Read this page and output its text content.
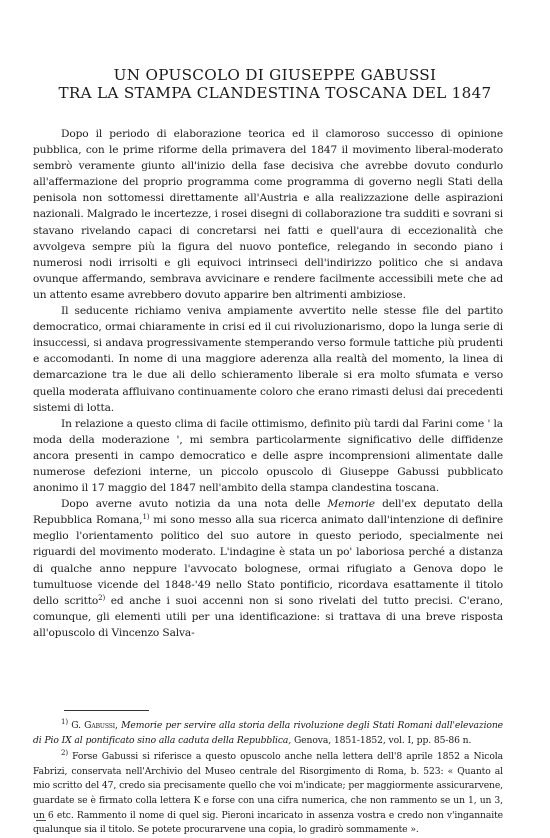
UN OPUSCOLO DI GIUSEPPE GABUSSI
TRA LA STAMPA CLANDESTINA TOSCANA DEL 1847

Dopo il periodo di elaborazione teorica ed il clamoroso successo di opinione pubblica, con le prime riforme della primavera del 1847 il movimento liberal-moderato sembrò veramente giunto all'inizio della fase decisiva che avrebbe dovuto condurlo all'affermazione del proprio programma come programma di governo negli Stati della penisola non sottomessi direttamente all'Austria e alla realizzazione delle aspirazioni nazionali. Malgrado le incertezze, i rosei disegni di collaborazione tra sudditi e sovrani si stavano rivelando capaci di concretarsi nei fatti e quell'aura di eccezionalità che avvolgeva sempre più la figura del nuovo pontefice, relegando in secondo piano i numerosi nodi irrisolti e gli equivoci intrinseci dell'indirizzo politico che si andava ovunque affermando, sembrava avvicinare e rendere facilmente accessibili mete che ad un attento esame avrebbero dovuto apparire ben altrimenti ambiziose.

Il seducente richiamo veniva ampiamente avvertito nelle stesse file del partito democratico, ormai chiaramente in crisi ed il cui rivoluzionarismo, dopo la lunga serie di insuccessi, si andava progressivamente stemperando verso formule tattiche più prudenti e accomodanti. In nome di una maggiore aderenza alla realtà del momento, la linea di demarcazione tra le due ali dello schieramento liberale si era molto sfumata e verso quella moderata affluivano continuamente coloro che erano rimasti delusi dai precedenti sistemi di lotta.

In relazione a questo clima di facile ottimismo, definito più tardi dal Farini come ' la moda della moderazione ', mi sembra particolarmente significativo delle diffidenze ancora presenti in campo democratico e delle aspre incomprensioni alimentate dalle numerose defezioni interne, un piccolo opuscolo di Giuseppe Gabussi pubblicato anonimo il 17 maggio del 1847 nell'ambito della stampa clandestina toscana.

Dopo averne avuto notizia da una nota delle Memorie dell'ex deputato della Repubblica Romana,$^{1)}$ mi sono messo alla sua ricerca animato dall'intenzione di definire meglio l'orientamento politico del suo autore in questo periodo, specialmente nei riguardi del movimento moderato. L'indagine è stata un po' laboriosa perché a distanza di qualche anno neppure l'avvocato bolognese, ormai rifugiato a Genova dopo le tumultuose vicende del 1848-'49 nello Stato pontificio, ricordava esattamente il titolo dello scritto$^{2)}$ ed anche i suoi accenni non si sono rivelati del tutto precisi. C'erano, comunque, gli elementi utili per una identificazione: si trattava di una breve risposta all'opuscolo di Vincenzo Salva-

$^{1)}$ G. Gabussi, Memorie per servire alla storia della rivoluzione degli Stati Romani dall'elevazione di Pio IX al pontificato sino alla caduta della Repubblica, Genova, 1851-1852, vol. I, pp. 85-86 n.

$^{2)}$ Forse Gabussi si riferisce a questo opuscolo anche nella lettera dell'8 aprile 1852 a Nicola Fabrizi, conservata nell'Archivio del Museo centrale del Risorgimento di Roma, b. 523: « Quanto al mio scritto del 47, credo sia precisamente quello che voi m'indicate; per maggiormente assicurarvene, guardate se è firmato colla lettera K e forse con una cifra numerica, che non rammento se un 1, un 3, un 6 etc. Rammento il nome di quel sig. Pieroni incaricato in assenza vostra e credo non v'ingannaite qualunque sia il titolo. Se potete procurarvene una copia, lo gradirò sommamente ».
